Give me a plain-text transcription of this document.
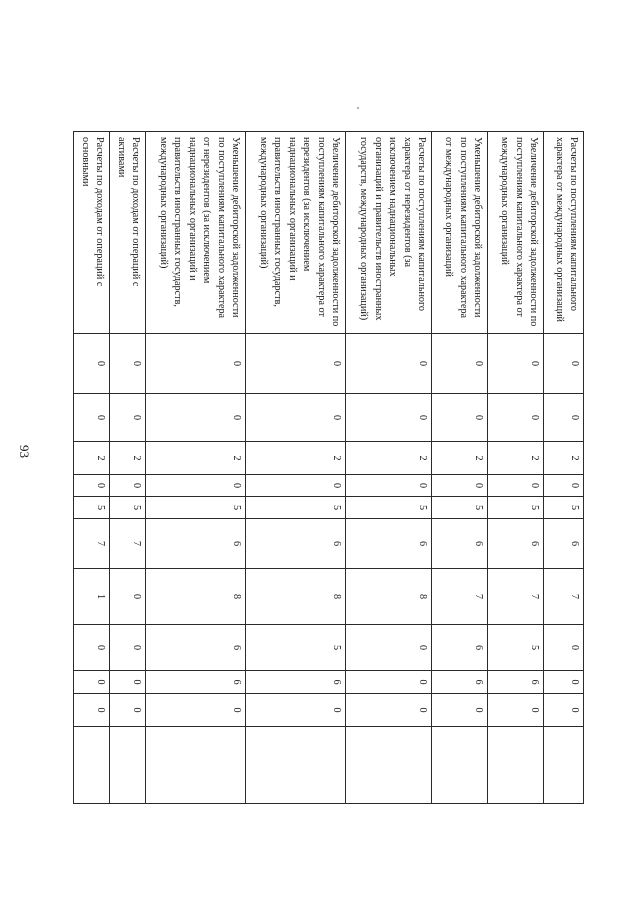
93
Расчеты по поступлениям капитального характера от международных организаций	0	0	2	0	5	6	7	0	0	0	
Увеличение дебиторской задолженности по поступлениям капитального характера от международных организаций	0	0	2	0	5	6	7	5	6	0	
Уменьшение дебиторской задолженности по поступлениям капитального характера от международных организаций	0	0	2	0	5	6	7	6	6	0	
Расчеты по поступлениям капитального характера от нерезидентов (за исключением наднациональных организаций и правительств иностранных государств, международных организаций)	0	0	2	0	5	6	8	0	0	0	
Увеличение дебиторской задолженности по поступлениям капитального характера от нерезидентов (за исключением наднациональных организаций и правительств иностранных государств, международных организаций)	0	0	2	0	5	6	8	5	6	0	
Уменьшение дебиторской задолженности по поступлениям капитального характера от нерезидентов (за исключением наднациональных организаций и правительств иностранных государств, международных организаций)	0	0	2	0	5	6	8	6	6	0	
Расчеты по доходам от операций с активами	0	0	2	0	5	7	0	0	0	0	

Расчеты по доходам от операций с основными	0	0	2	0	5	7	1	0	0	0	
